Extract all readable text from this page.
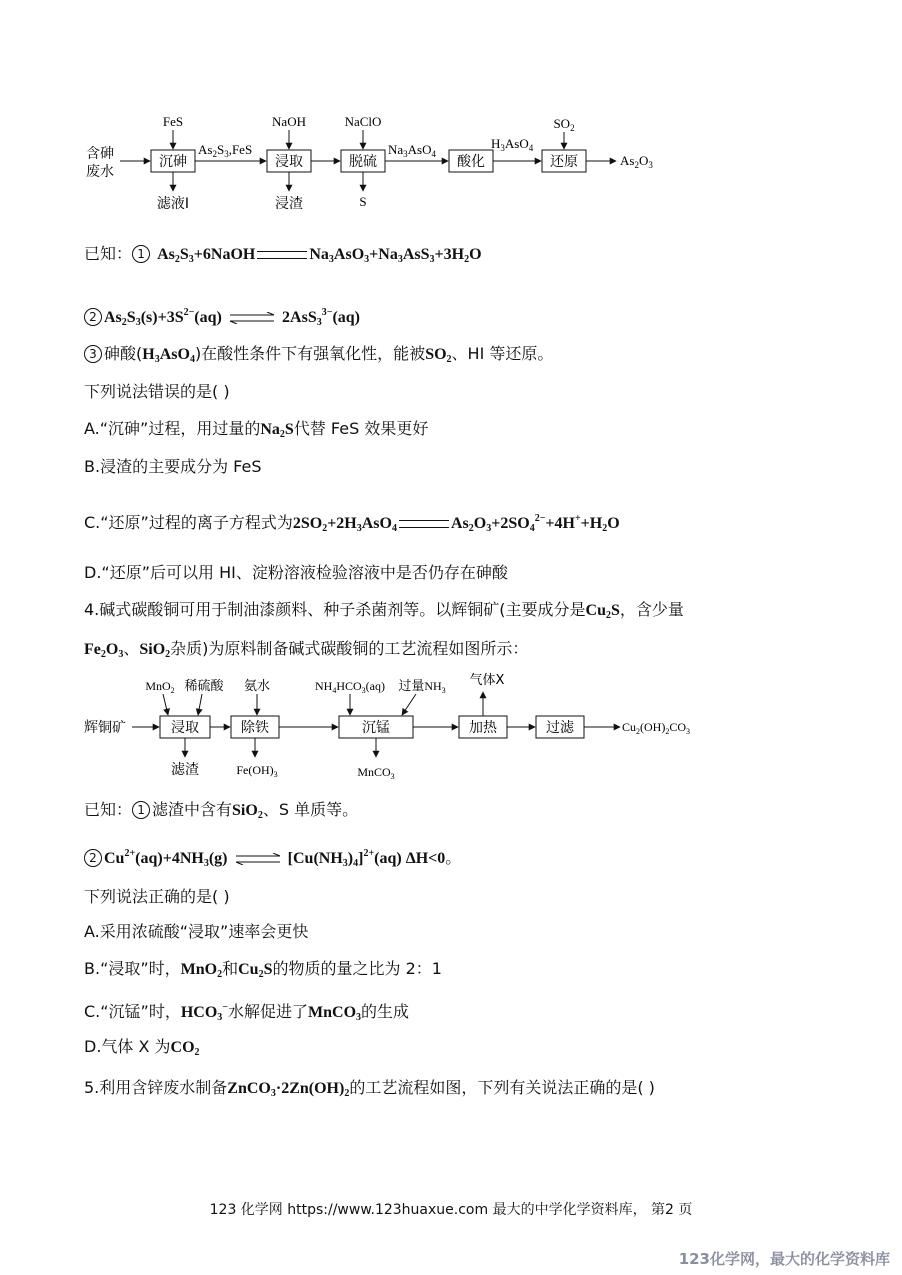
含砷
废水
沉砷	浸取	脱硫	酸化	还原
$As_2S_3,FeS$	$Na_3AsO_4$
$H_3AsO_4$
$As_2O_3$
FeS	NaOH	NaClO	$SO_2$
滤液I	浸渣	S
已知： 1 $As_2S_3+6NaOH$	$Na_3AsO_3+Na_3AsS_3+3H_2O$
2 $As_2S_3(s)+3S^{2-}(aq)$	2AsS$_3^{3-}$(aq)
3 砷酸$(H_3AsO_4)$在酸性条件下有强氧化性，能被$SO_2$、HI 等还原。
下列说法错误的是( )
A.“沉砷”过程，用过量的$Na_2S$代替 FeS 效果更好
B.浸渣的主要成分为 FeS
C.“还原”过程的离子方程式为$2SO_2+2H_3AsO_4$	$As_2O_3+2SO_4^{2-}+4H^++H_2O$
D.“还原”后可以用 HI、淀粉溶液检验溶液中是否仍存在砷酸
4.碱式碳酸铜可用于制油漆颜料、种子杀菌剂等。以辉铜矿(主要成分是$Cu_2S$，含少量
$Fe_2O_3$、SiO$_2$杂质)为原料制备碱式碳酸铜的工艺流程如图所示：
辉铜矿	浸取	除铁	沉锰	加热	过滤	$Cu_2(OH)_2CO_3$
MnO$_2$ 稀硫酸 氨水	$NH_4HCO_3(aq)$ 过量$NH_3$
气体X
滤渣	$Fe(OH)_3$	MnCO$_3$
已知： 1 滤渣中含有SiO$_2$、S 单质等。
2 $Cu^{2+}(aq)+4NH_3(g)$	$[Cu(NH_3)_4]^{2+}(aq)$ ΔH<0。
下列说法正确的是( )
A.采用浓硫酸“浸取”速率会更快
B.“浸取”时，MnO$_2$和$Cu_2S$的物质的量之比为 2：1
C.“沉锰”时，$HCO_3^-$水解促进了MnCO$_3$的生成
D.气体 X 为$CO_2$
5.利用含锌废水制备$ZnCO_3\cdot 2Zn(OH)_2$的工艺流程如图，下列有关说法正确的是( )
123 化学网 https://www.123huaxue.com 最大的中学化学资料库， 第2 页
123化学网，最大的化学资料库
